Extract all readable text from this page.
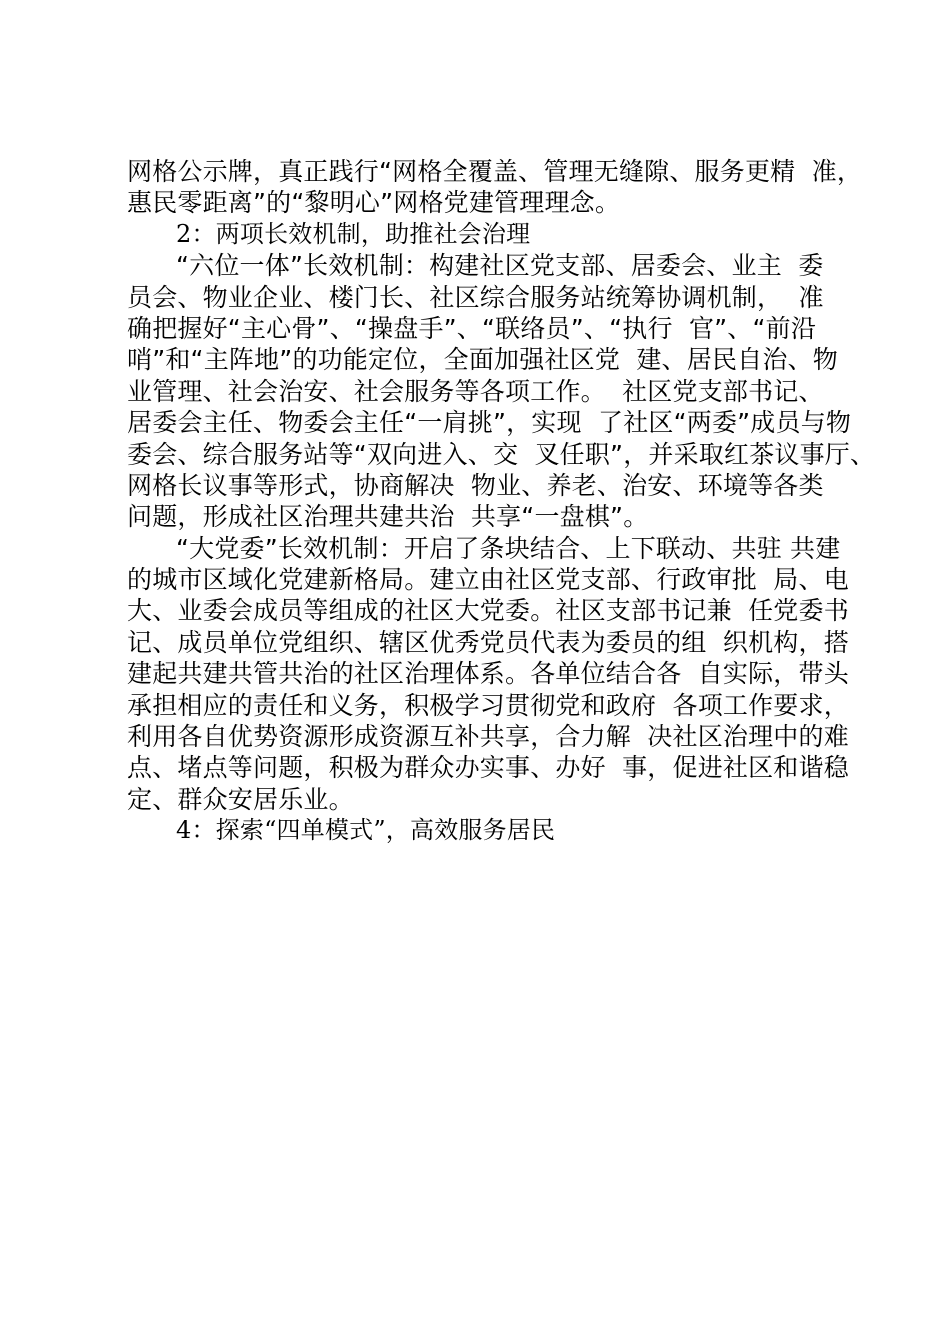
网格公示牌，真正践行“网格全覆盖、管理无缝隙、服务更精  准，
惠民零距离”的“黎明心”网格党建管理理念。
2：两项长效机制，助推社会治理
“六位一体”长效机制：构建社区党支部、居委会、业主  委
员会、物业企业、楼门长、社区综合服务站统筹协调机制，  准
确把握好“主心骨”、“操盘手”、“联络员”、“执行  官”、“前沿
哨”和“主阵地”的功能定位，全面加强社区党  建、居民自治、物
业管理、社会治安、社会服务等各项工作。  社区党支部书记、
居委会主任、物委会主任“一肩挑”，实现  了社区“两委”成员与物
委会、综合服务站等“双向进入、交  叉任职”，并采取红茶议事厅、
网格长议事等形式，协商解决  物业、养老、治安、环境等各类
问题，形成社区治理共建共治  共享“一盘棋”。
“大党委”长效机制：开启了条块结合、上下联动、共驻 共建
的城市区域化党建新格局。建立由社区党支部、行政审批  局、电
大、业委会成员等组成的社区大党委。社区支部书记兼  任党委书
记、成员单位党组织、辖区优秀党员代表为委员的组  织机构，搭
建起共建共管共治的社区治理体系。各单位结合各  自实际，带头
承担相应的责任和义务，积极学习贯彻党和政府  各项工作要求，
利用各自优势资源形成资源互补共享，合力解  决社区治理中的难
点、堵点等问题，积极为群众办实事、办好  事，促进社区和谐稳
定、群众安居乐业。
4：探索“四单模式”，高效服务居民
